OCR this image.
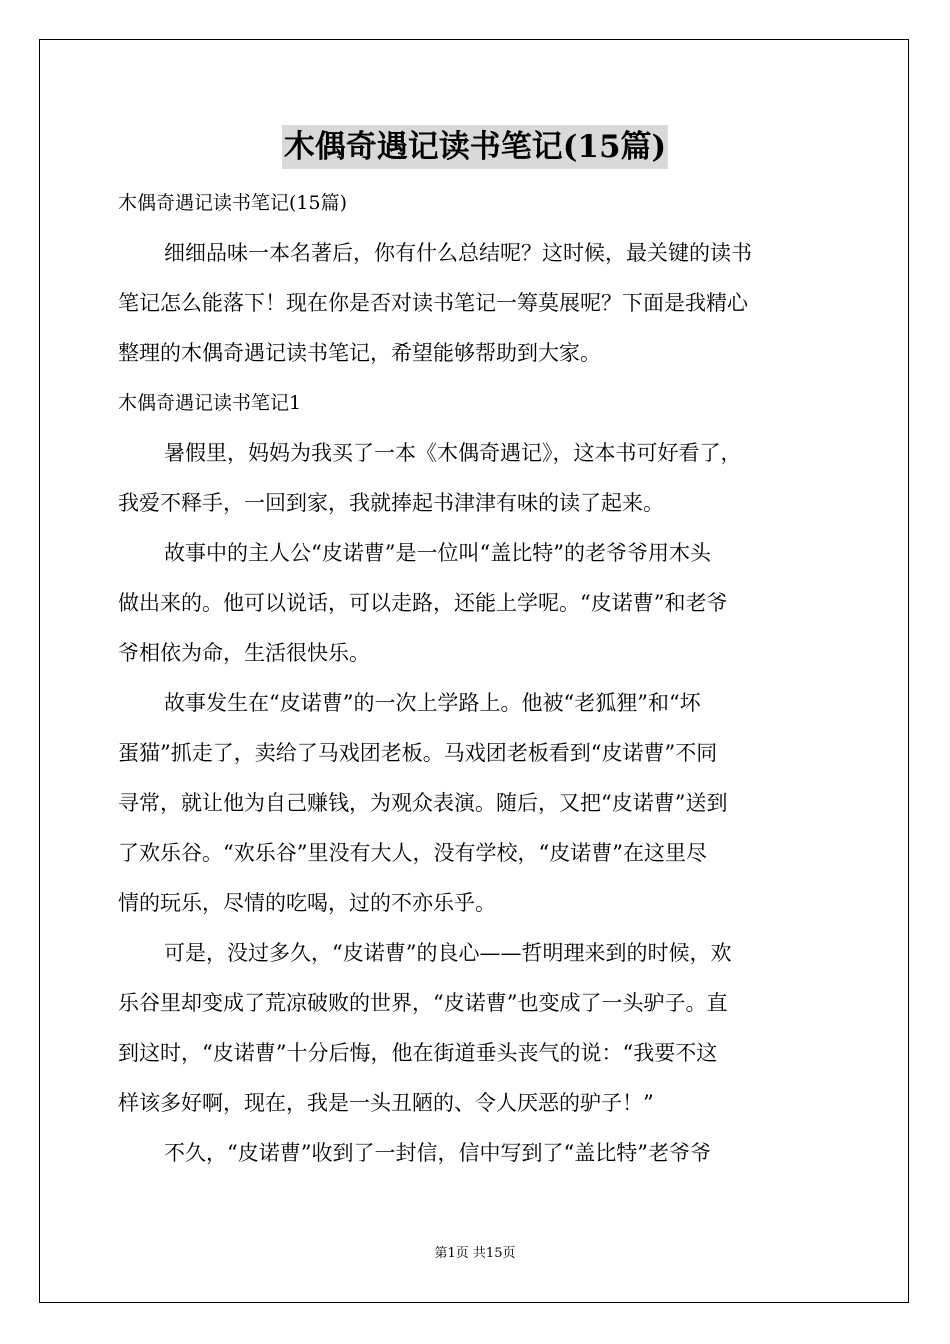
木偶奇遇记读书笔记(15篇)
木偶奇遇记读书笔记(15篇)
细细品味一本名著后，你有什么总结呢？这时候，最关键的读书
笔记怎么能落下！现在你是否对读书笔记一筹莫展呢？下面是我精心
整理的木偶奇遇记读书笔记，希望能够帮助到大家。
木偶奇遇记读书笔记1
暑假里，妈妈为我买了一本《木偶奇遇记》，这本书可好看了，
我爱不释手，一回到家，我就捧起书津津有味的读了起来。
故事中的主人公“皮诺曹”是一位叫“盖比特”的老爷爷用木头
做出来的。他可以说话，可以走路，还能上学呢。“皮诺曹”和老爷
爷相依为命，生活很快乐。
故事发生在“皮诺曹”的一次上学路上。他被“老狐狸”和“坏
蛋猫”抓走了，卖给了马戏团老板。马戏团老板看到“皮诺曹”不同
寻常，就让他为自己赚钱，为观众表演。随后，又把“皮诺曹”送到
了欢乐谷。“欢乐谷”里没有大人，没有学校，“皮诺曹”在这里尽
情的玩乐，尽情的吃喝，过的不亦乐乎。
可是，没过多久，“皮诺曹”的良心——哲明理来到的时候，欢
乐谷里却变成了荒凉破败的世界，“皮诺曹”也变成了一头驴子。直
到这时，“皮诺曹”十分后悔，他在街道垂头丧气的说：“我要不这
样该多好啊，现在，我是一头丑陋的、令人厌恶的驴子！”
不久，“皮诺曹”收到了一封信，信中写到了“盖比特”老爷爷
第1页 共15页
